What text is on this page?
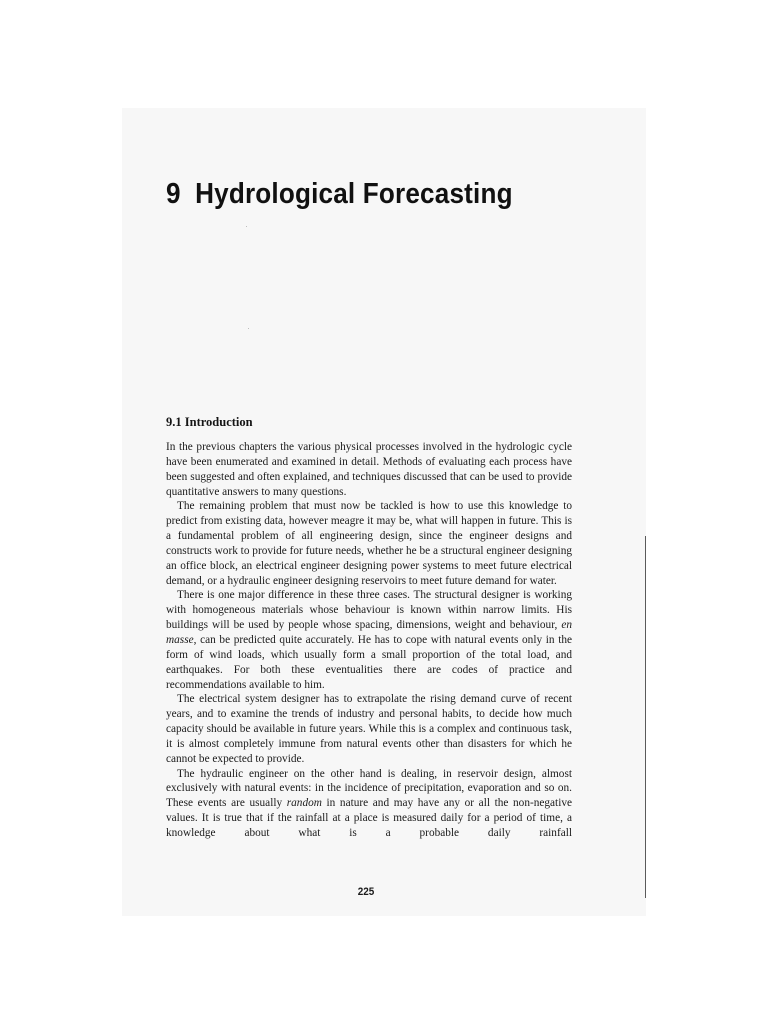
9 Hydrological Forecasting
9.1 Introduction

In the previous chapters the various physical processes involved in the hydrologic cycle have been enumerated and examined in detail. Methods of evaluating each process have been suggested and often explained, and techniques discussed that can be used to provide quantitative answers to many questions.

The remaining problem that must now be tackled is how to use this knowledge to predict from existing data, however meagre it may be, what will happen in future. This is a fundamental problem of all engineering design, since the engineer designs and constructs work to provide for future needs, whether he be a structural engineer designing an office block, an electrical engineer designing power systems to meet future electrical demand, or a hydraulic engineer designing reservoirs to meet future demand for water.

There is one major difference in these three cases. The structural designer is working with homogeneous materials whose behaviour is known within narrow limits. His buildings will be used by people whose spacing, dimensions, weight and behaviour, en masse, can be predicted quite accurately. He has to cope with natural events only in the form of wind loads, which usually form a small proportion of the total load, and earthquakes. For both these eventualities there are codes of practice and recommendations available to him.

The electrical system designer has to extrapolate the rising demand curve of recent years, and to examine the trends of industry and personal habits, to decide how much capacity should be available in future years. While this is a complex and continuous task, it is almost completely immune from natural events other than disasters for which he cannot be expected to provide.

The hydraulic engineer on the other hand is dealing, in reservoir design, almost exclusively with natural events: in the incidence of precipitation, evaporation and so on. These events are usually random in nature and may have any or all the non-negative values. It is true that if the rainfall at a place is measured daily for a period of time, a knowledge about what is a probable daily rainfall

225
